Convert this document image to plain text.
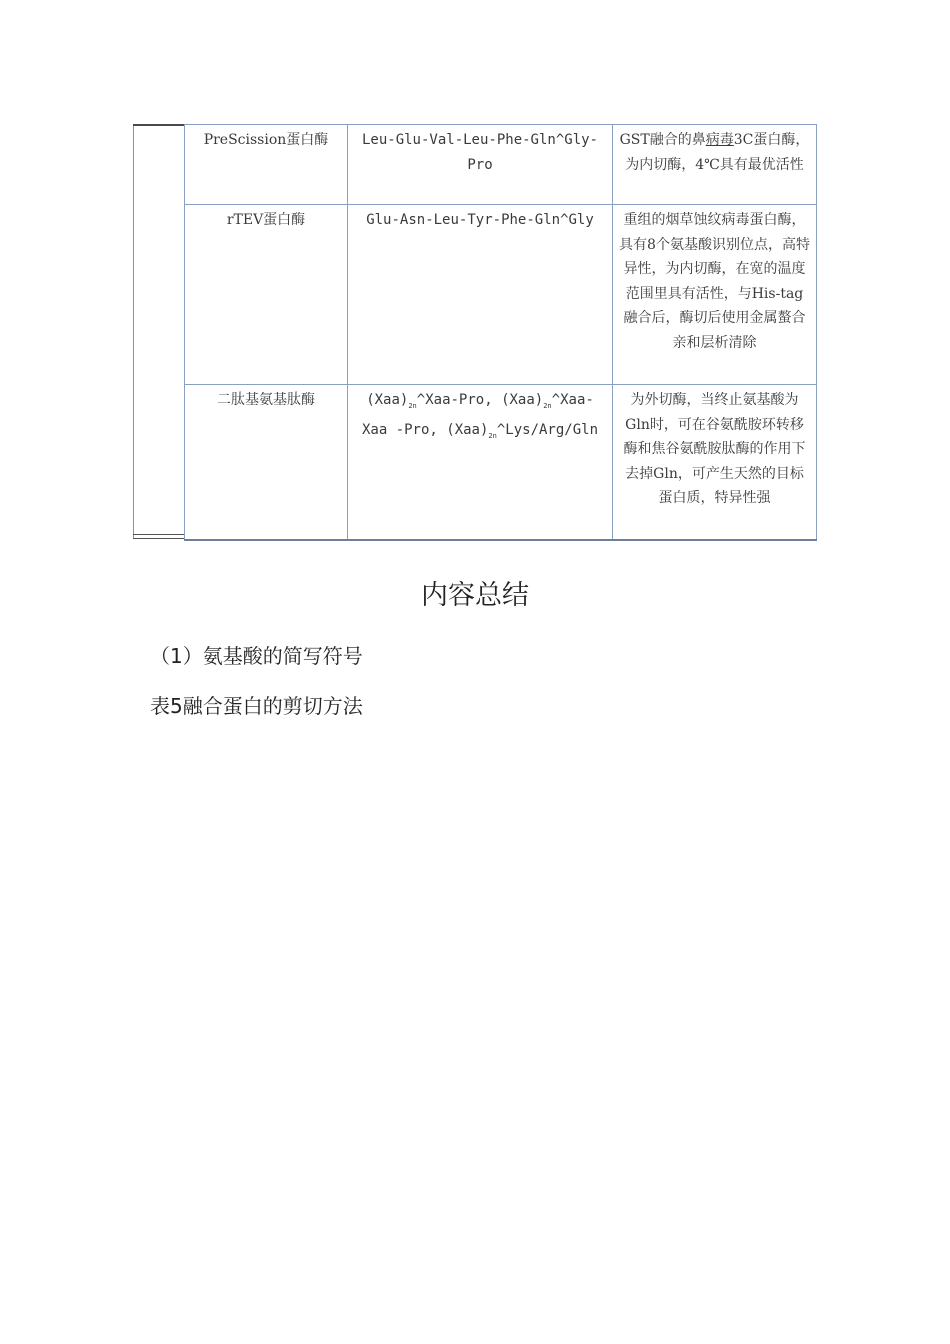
PreScission蛋白酶	Leu-Glu-Val-Leu-Phe-Gln^Gly-Pro	GST融合的鼻病毒3C蛋白酶，为内切酶，4℃具有最优活性
rTEV蛋白酶	Glu-Asn-Leu-Tyr-Phe-Gln^Gly	重组的烟草蚀纹病毒蛋白酶，具有8个氨基酸识别位点，高特异性，为内切酶，在宽的温度范围里具有活性，与His-tag融合后，酶切后使用金属螯合亲和层析清除
二肽基氨基肽酶	$(Xaa)_{2n}\^{}Xaa$-Pro, $(Xaa)_{2n}\^{}Xaa$-Xaa -Pro, $(Xaa)_{2n}\^{}Lys/Arg$/Gln	为外切酶，当终止氨基酸为Gln时，可在谷氨酰胺环转移酶和焦谷氨酰胺肽酶的作用下去掉Gln，可产生天然的目标蛋白质，特异性强
内容总结
（1）氨基酸的简写符号
表5融合蛋白的剪切方法
